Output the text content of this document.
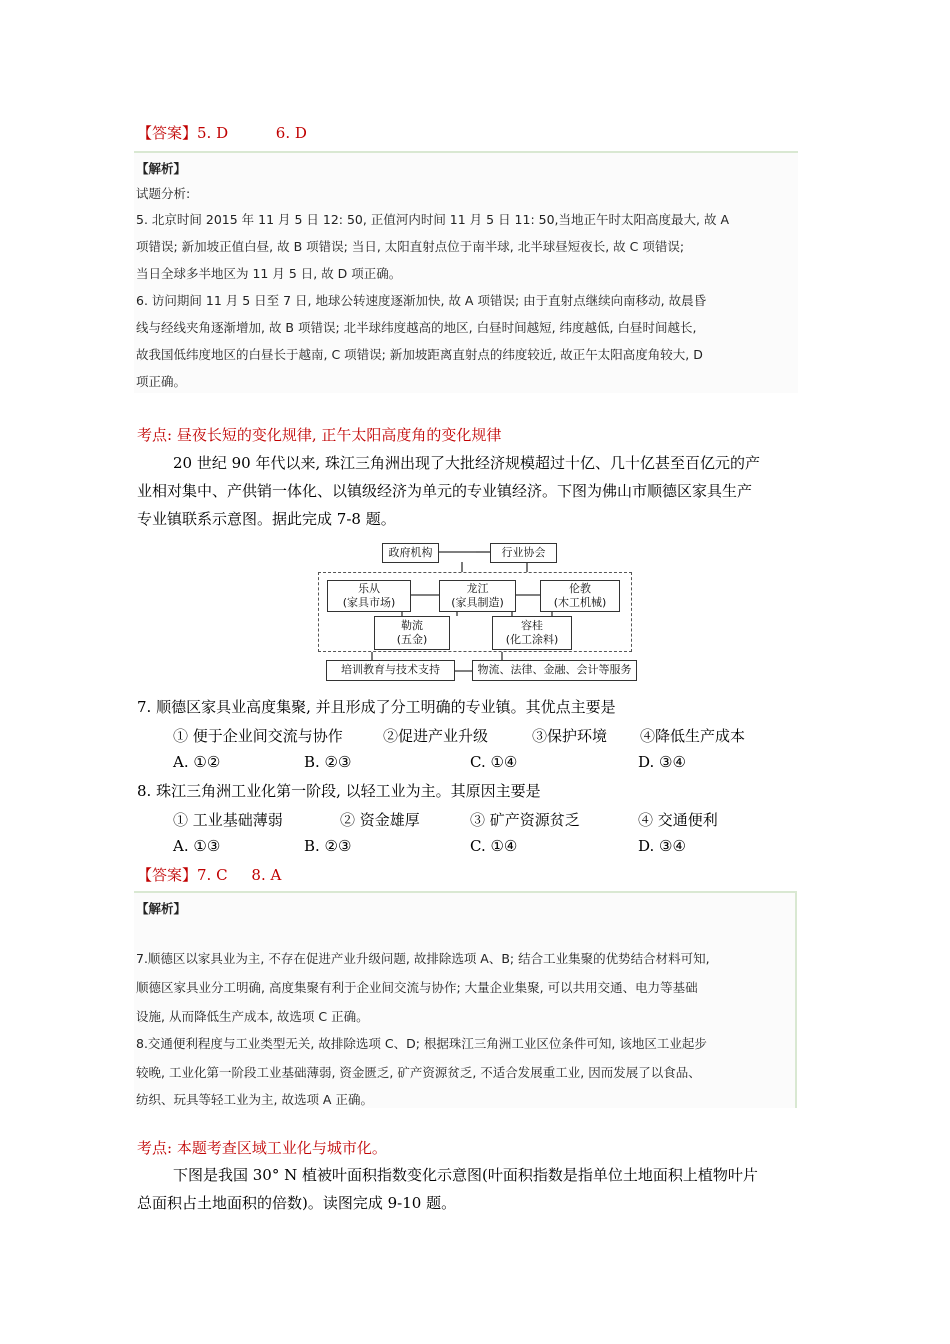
【答案】5. D          6. D
【解析】
试题分析:
5. 北京时间 2015 年 11 月 5 日 12: 50, 正值河内时间 11 月 5 日 11: 50,当地正午时太阳高度最大, 故 A
项错误; 新加坡正值白昼, 故 B 项错误; 当日, 太阳直射点位于南半球, 北半球昼短夜长, 故 C 项错误;
当日全球多半地区为 11 月 5 日, 故 D 项正确。
6. 访问期间 11 月 5 日至 7 日, 地球公转速度逐渐加快, 故 A 项错误; 由于直射点继续向南移动, 故晨昏
线与经线夹角逐渐增加, 故 B 项错误; 北半球纬度越高的地区, 白昼时间越短, 纬度越低, 白昼时间越长,
故我国低纬度地区的白昼长于越南, C 项错误; 新加坡距离直射点的纬度较近, 故正午太阳高度角较大, D
项正确。
考点: 昼夜长短的变化规律, 正午太阳高度角的变化规律
20 世纪 90 年代以来, 珠江三角洲出现了大批经济规模超过十亿、几十亿甚至百亿元的产
业相对集中、产供销一体化、以镇级经济为单元的专业镇经济。下图为佛山市顺德区家具生产
专业镇联系示意图。据此完成 7-8 题。
政府机构	行业协会
乐从
(家具市场)
龙江
(家具制造)
伦教
(木工机械)
勒流
(五金)
容桂
(化工涂料)
培训教育与技术支持	物流、法律、金融、会计等服务
7. 顺德区家具业高度集聚, 并且形成了分工明确的专业镇。其优点主要是
① 便于企业间交流与协作	②促进产业升级	③保护环境 ④降低生产成本
A. ①②	B. ②③	C. ①④	D. ③④
8. 珠江三角洲工业化第一阶段, 以轻工业为主。其原因主要是
① 工业基础薄弱	② 资金雄厚	③ 矿产资源贫乏	④ 交通便利
A. ①③	B. ②③	C. ①④	D. ③④
【答案】7. C     8. A
【解析】
7.顺德区以家具业为主, 不存在促进产业升级问题, 故排除选项 A、B; 结合工业集聚的优势结合材料可知,
顺德区家具业分工明确, 高度集聚有利于企业间交流与协作; 大量企业集聚, 可以共用交通、电力等基础
设施, 从而降低生产成本, 故选项 C 正确。
8.交通便利程度与工业类型无关, 故排除选项 C、D; 根据珠江三角洲工业区位条件可知, 该地区工业起步
较晚, 工业化第一阶段工业基础薄弱, 资金匮乏, 矿产资源贫乏, 不适合发展重工业, 因而发展了以食品、
纺织、玩具等轻工业为主, 故选项 A 正确。
考点: 本题考查区域工业化与城市化。
下图是我国 30° N 植被叶面积指数变化示意图(叶面积指数是指单位土地面积上植物叶片
总面积占土地面积的倍数)。读图完成 9-10 题。
